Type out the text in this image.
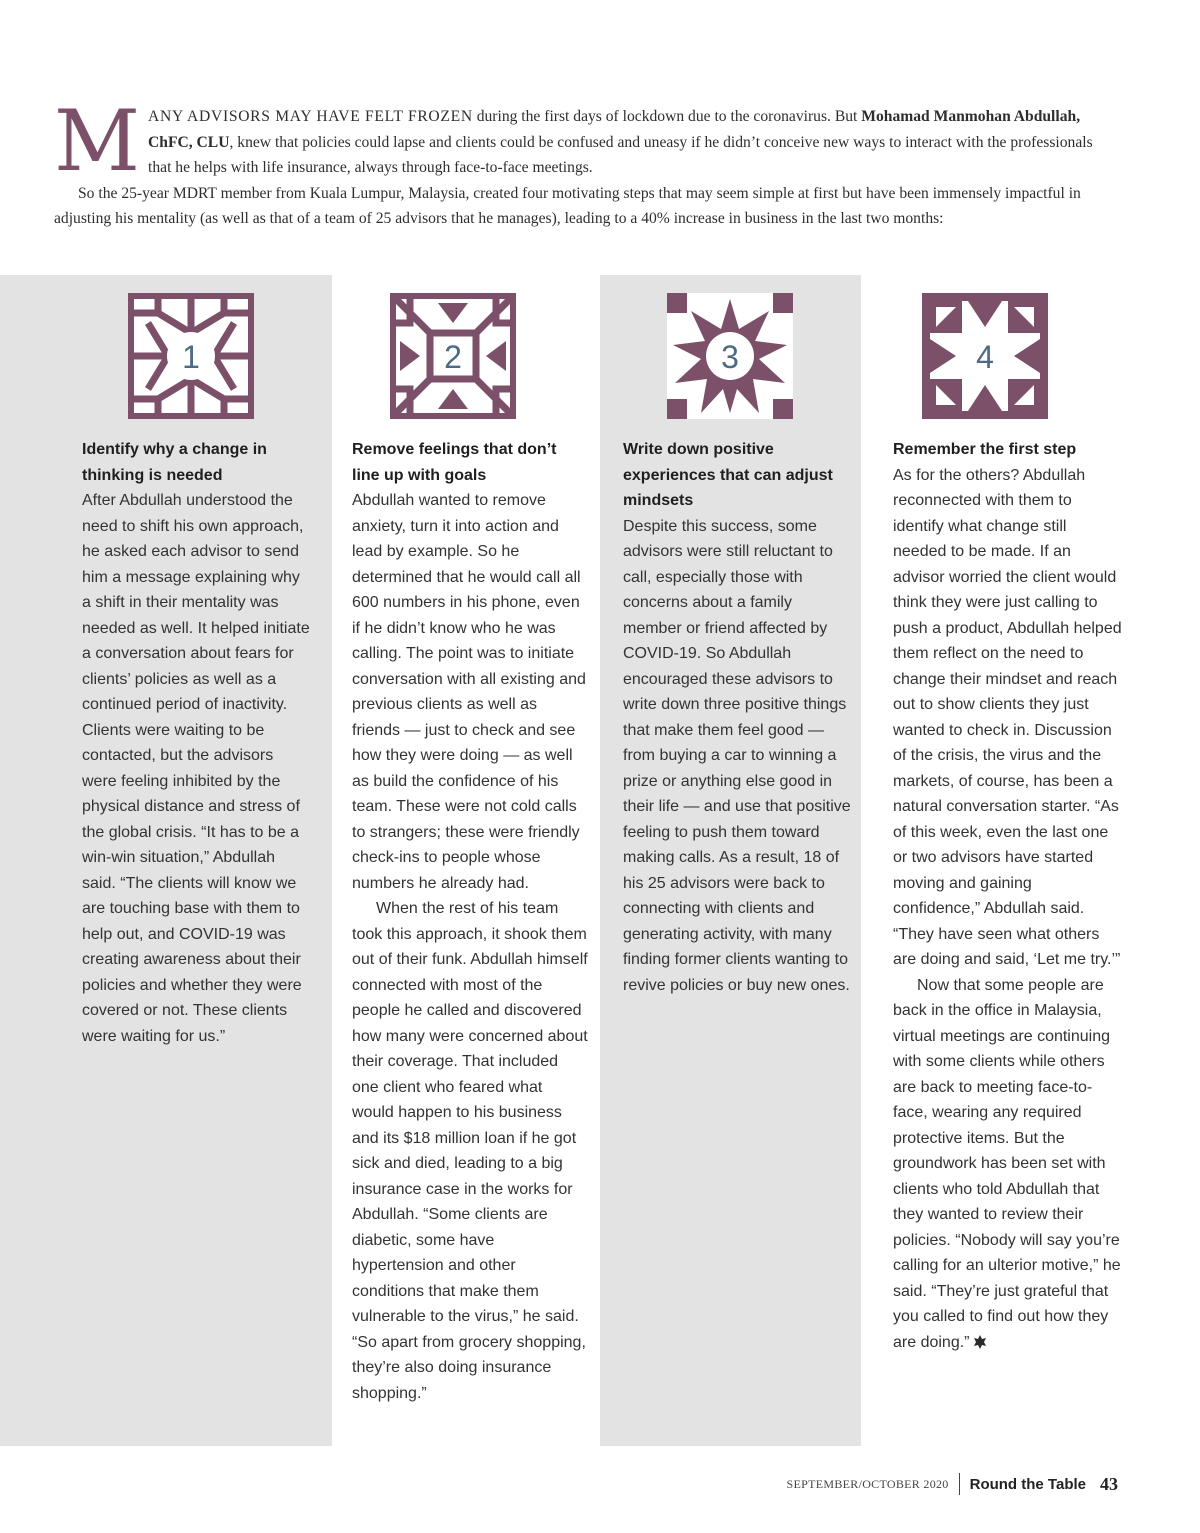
MANY ADVISORS MAY HAVE FELT FROZEN during the first days of lockdown due to the coronavirus. But Mohamad Manmohan Abdullah, ChFC, CLU, knew that policies could lapse and clients could be confused and uneasy if he didn’t conceive new ways to interact with the professionals that he helps with life insurance, always through face-to-face meetings.

So the 25-year MDRT member from Kuala Lumpur, Malaysia, created four motivating steps that may seem simple at first but have been immensely impactful in adjusting his mentality (as well as that of a team of 25 advisors that he manages), leading to a 40% increase in business in the last two months:

1
Identify why a change in thinking is needed

After Abdullah understood the need to shift his own approach, he asked each advisor to send him a message explaining why a shift in their mentality was needed as well. It helped initiate a conversation about fears for clients’ policies as well as a continued period of inactivity. Clients were waiting to be contacted, but the advisors were feeling inhibited by the physical distance and stress of the global crisis. “It has to be a win-win situation,” Abdullah said. “The clients will know we are touching base with them to help out, and COVID-19 was creating awareness about their policies and whether they were covered or not. These clients were waiting for us.”

2
Remove feelings that don’t line up with goals

Abdullah wanted to remove anxiety, turn it into action and lead by example. So he determined that he would call all 600 numbers in his phone, even if he didn’t know who he was calling. The point was to initiate conversation with all existing and previous clients as well as friends — just to check and see how they were doing — as well as build the confidence of his team. These were not cold calls to strangers; these were friendly check-ins to people whose numbers he already had.

When the rest of his team took this approach, it shook them out of their funk. Abdullah himself connected with most of the people he called and discovered how many were concerned about their coverage. That included one client who feared what would happen to his business and its $18 million loan if he got sick and died, leading to a big insurance case in the works for Abdullah. “Some clients are diabetic, some have hypertension and other conditions that make them vulnerable to the virus,” he said. “So apart from grocery shopping, they’re also doing insurance shopping.”

3
Write down positive experiences that can adjust mindsets

Despite this success, some advisors were still reluctant to call, especially those with concerns about a family member or friend affected by COVID-19. So Abdullah encouraged these advisors to write down three positive things that make them feel good — from buying a car to winning a prize or anything else good in their life — and use that positive feeling to push them toward making calls. As a result, 18 of his 25 advisors were back to connecting with clients and generating activity, with many finding former clients wanting to revive policies or buy new ones.

4
Remember the first step

As for the others? Abdullah reconnected with them to identify what change still needed to be made. If an advisor worried the client would think they were just calling to push a product, Abdullah helped them reflect on the need to change their mindset and reach out to show clients they just wanted to check in. Discussion of the crisis, the virus and the markets, of course, has been a natural conversation starter. “As of this week, even the last one or two advisors have started moving and gaining confidence,” Abdullah said. “They have seen what others are doing and said, ‘Let me try.’”

Now that some people are back in the office in Malaysia, virtual meetings are continuing with some clients while others are back to meeting face-to-face, wearing any required protective items. But the groundwork has been set with clients who told Abdullah that they wanted to review their policies. “Nobody will say you’re calling for an ulterior motive,” he said. “They’re just grateful that you called to find out how they are doing.”

SEPTEMBER/OCTOBER 2020 Round the Table 43
